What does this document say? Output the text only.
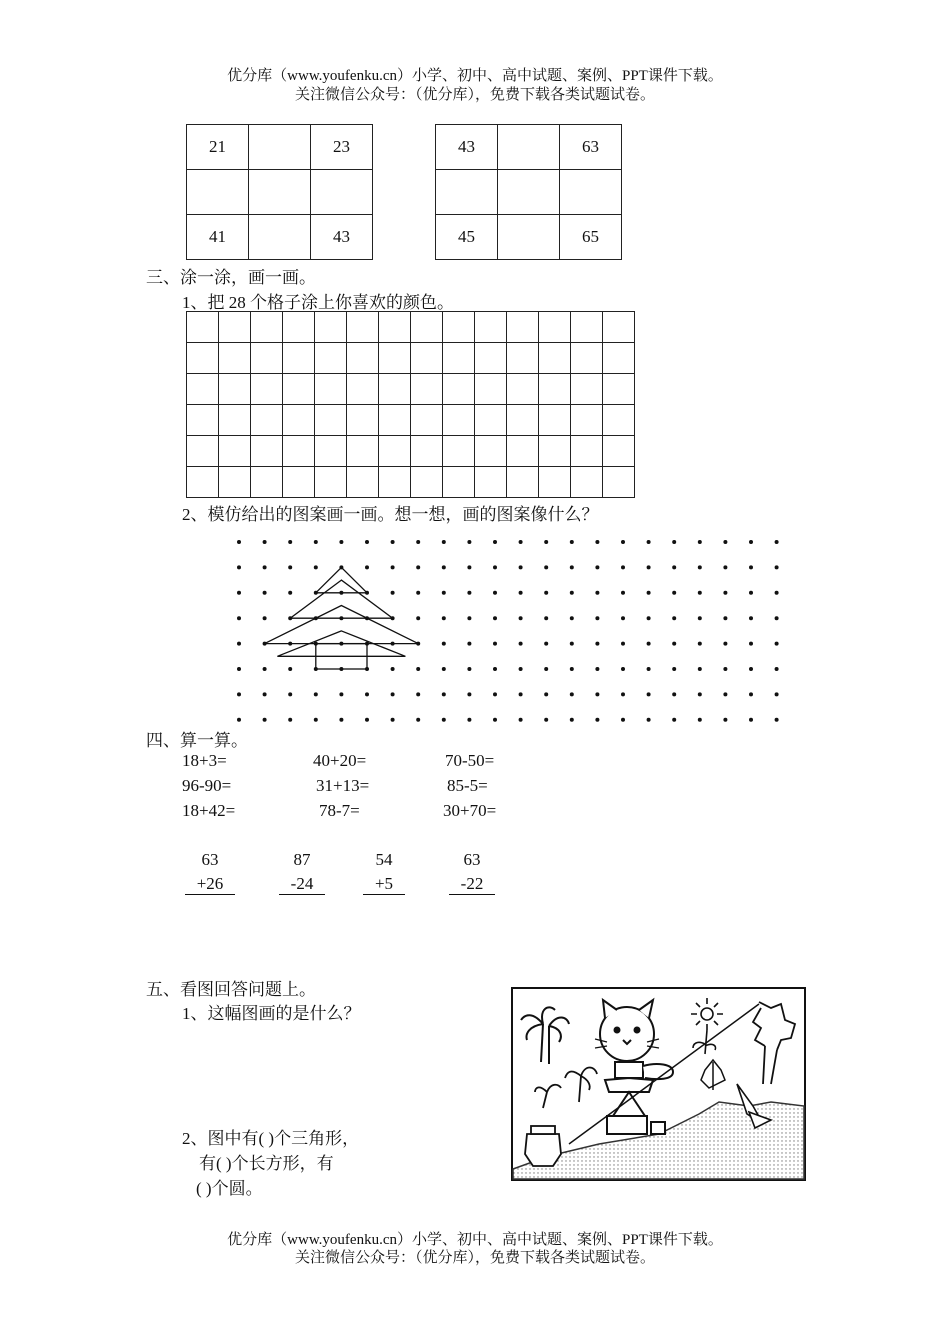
优分库（www.youfenku.cn）小学、初中、高中试题、案例、PPT课件下载。
关注微信公众号：（优分库），免费下载各类试题试卷。
21		23

41		43
43		63

45		65
三、涂一涂，画一画。
1、把 28 个格子涂上你喜欢的颜色。

2、模仿给出的图案画一画。想一想，画的图案像什么？
四、算一算。
18+3=	40+20=	70-50=
96-90=	31+13=	85-5=
18+42=	78-7=	30+70=
63
+26
87
-24
54
+5
63
-22
五、看图回答问题上。
1、这幅图画的是什么？
2、图中有( )个三角形，
有( )个长方形，有
( )个圆。
优分库（www.youfenku.cn）小学、初中、高中试题、案例、PPT课件下载。
关注微信公众号：（优分库），免费下载各类试题试卷。
